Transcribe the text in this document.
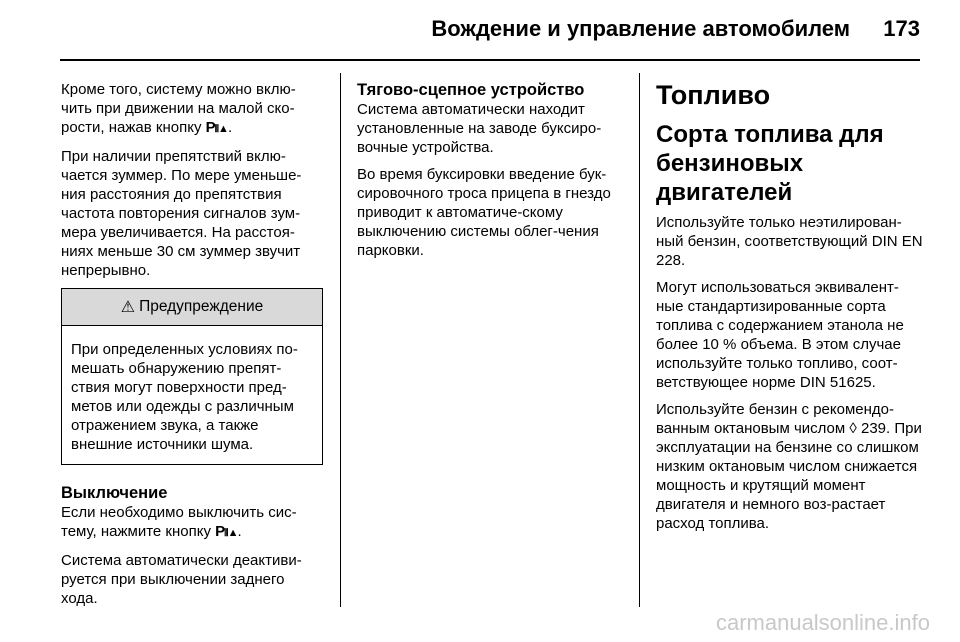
Вождение и управление автомобилем 173

Кроме того, систему можно вклю-чить при движении на малой ско-рости, нажав кнопку P⦀▲.

При наличии препятствий вклю-чается зуммер. По мере уменьше-ния расстояния до препятствия частота повторения сигналов зум-мера увеличивается. На расстоя-ниях меньше 30 см зуммер звучит непрерывно.

⚠ Предупреждение

При определенных условиях по-мешать обнаружению препят-ствия могут поверхности пред-метов или одежды с различным отражением звука, а также внешние источники шума.

Выключение

Если необходимо выключить сис-тему, нажмите кнопку P⦀▲.

Система автоматически деактиви-руется при выключении заднего хода.

Тягово-сцепное устройство

Система автоматически находит установленные на заводе буксиро-вочные устройства.

Во время буксировки введение бук-сировочного троса прицепа в гнездо приводит к автоматиче-скому выключению системы облег-чения парковки.

Топливо
Сорта топлива для бензиновых двигателей

Используйте только неэтилирован-ный бензин, соответствующий DIN EN 228.

Могут использоваться эквивалент-ные стандартизированные сорта топлива с содержанием этанола не более 10 % объема. В этом случае используйте только топливо, соот-ветствующее норме DIN 51625.

Используйте бензин с рекомендо-ванным октановым числом ◊ 239. При эксплуатации на бензине со слишком низким октановым числом снижается мощность и крутящий момент двигателя и немного воз-растает расход топлива.

carmanualsonline.info
